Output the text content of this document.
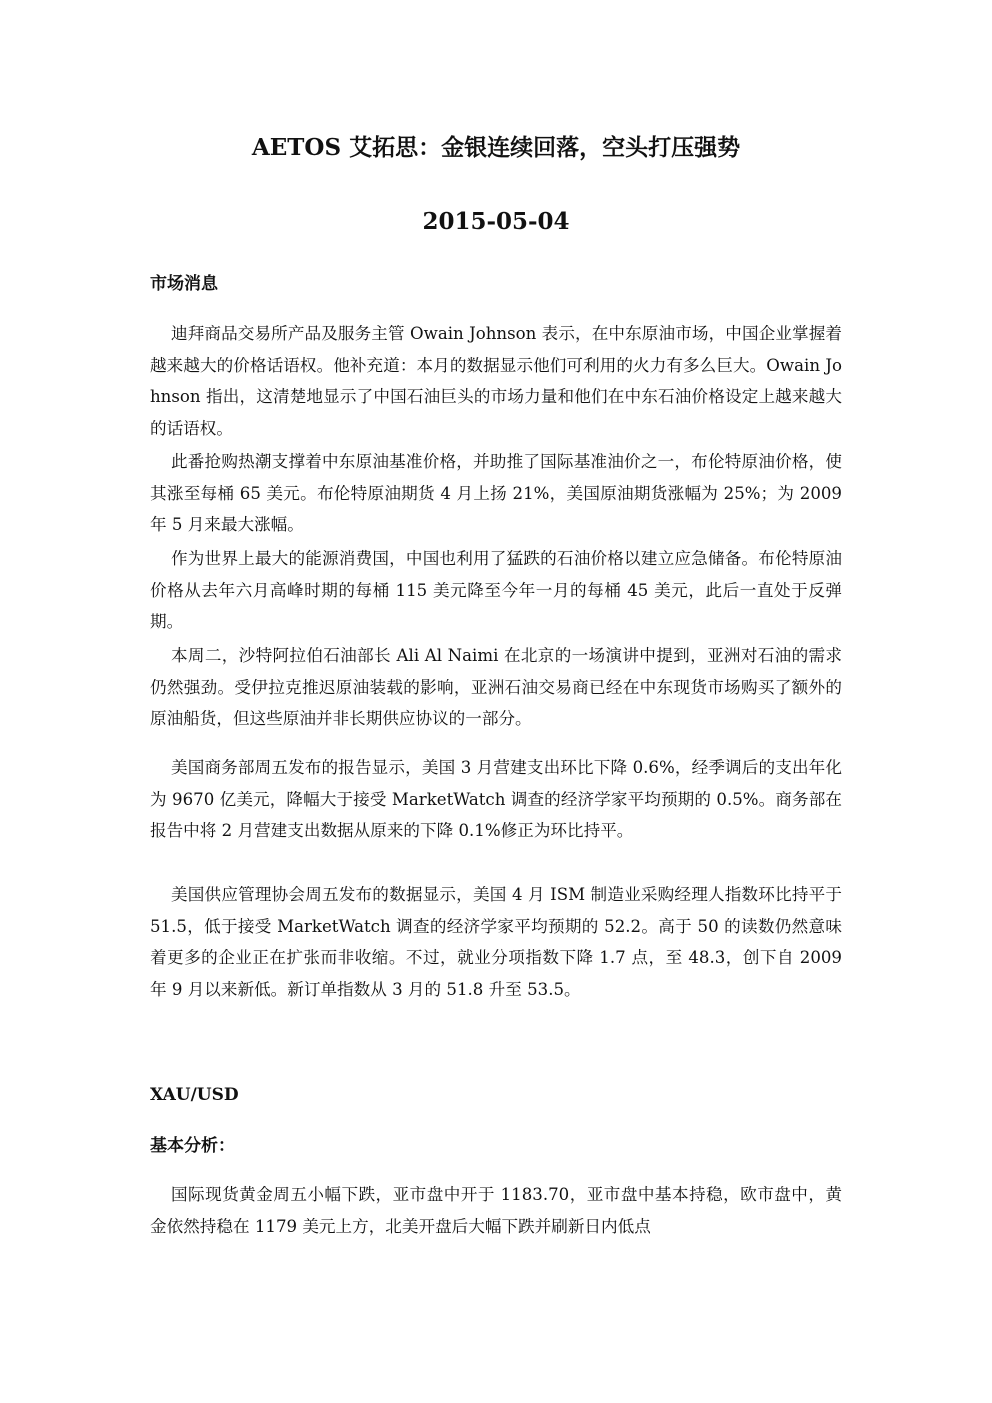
AETOS 艾拓思：金银连续回落，空头打压强势
2015-05-04
市场消息

迪拜商品交易所产品及服务主管 Owain Johnson 表示，在中东原油市场，中国企业掌握着越来越大的价格话语权。他补充道：本月的数据显示他们可利用的火力有多么巨大。Owain Johnson 指出，这清楚地显示了中国石油巨头的市场力量和他们在中东石油价格设定上越来越大的话语权。

此番抢购热潮支撑着中东原油基准价格，并助推了国际基准油价之一，布伦特原油价格，使其涨至每桶 65 美元。布伦特原油期货 4 月上扬 21%，美国原油期货涨幅为 25%；为 2009 年 5 月来最大涨幅。

作为世界上最大的能源消费国，中国也利用了猛跌的石油价格以建立应急储备。布伦特原油价格从去年六月高峰时期的每桶 115 美元降至今年一月的每桶 45 美元，此后一直处于反弹期。

本周二，沙特阿拉伯石油部长 Ali Al Naimi 在北京的一场演讲中提到，亚洲对石油的需求仍然强劲。受伊拉克推迟原油装载的影响，亚洲石油交易商已经在中东现货市场购买了额外的原油船货，但这些原油并非长期供应协议的一部分。

美国商务部周五发布的报告显示，美国 3 月营建支出环比下降 0.6%，经季调后的支出年化为 9670 亿美元，降幅大于接受 MarketWatch 调查的经济学家平均预期的 0.5%。商务部在报告中将 2 月营建支出数据从原来的下降 0.1%修正为环比持平。

美国供应管理协会周五发布的数据显示，美国 4 月 ISM 制造业采购经理人指数环比持平于 51.5，低于接受 MarketWatch 调查的经济学家平均预期的 52.2。高于 50 的读数仍然意味着更多的企业正在扩张而非收缩。不过，就业分项指数下降 1.7 点，至 48.3，创下自 2009 年 9 月以来新低。新订单指数从 3 月的 51.8 升至 53.5。

XAU/USD
基本分析：

国际现货黄金周五小幅下跌，亚市盘中开于 1183.70，亚市盘中基本持稳，欧市盘中，黄金依然持稳在 1179 美元上方，北美开盘后大幅下跌并刷新日内低点
